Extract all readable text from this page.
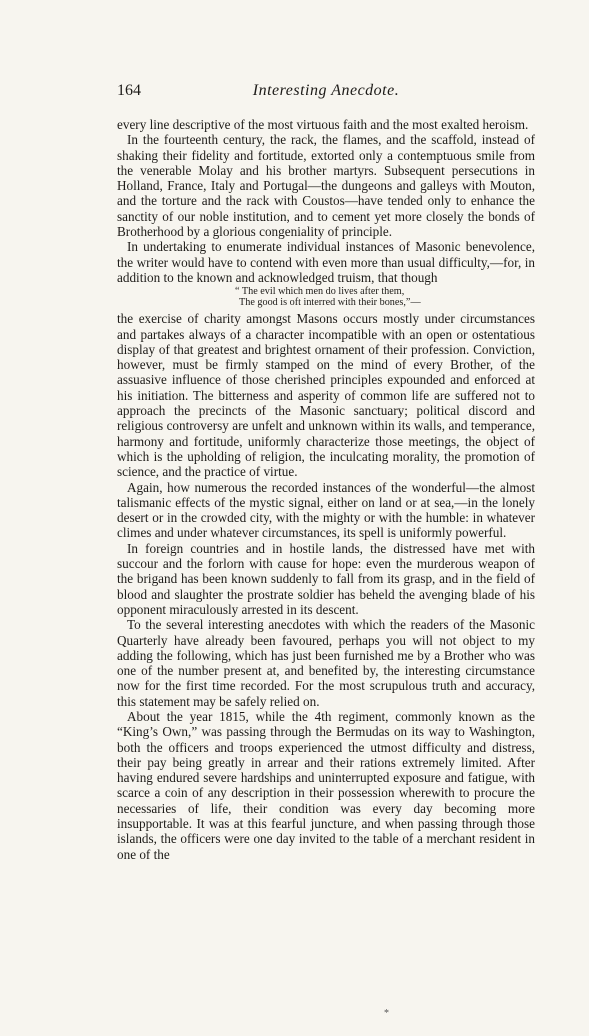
164	Interesting Anecdote.

every line descriptive of the most virtuous faith and the most exalted heroism.

In the fourteenth century, the rack, the flames, and the scaffold, instead of shaking their fidelity and fortitude, extorted only a contemptuous smile from the venerable Molay and his brother martyrs. Subsequent persecutions in Holland, France, Italy and Portugal—the dungeons and galleys with Mouton, and the torture and the rack with Coustos—have tended only to enhance the sanctity of our noble institution, and to cement yet more closely the bonds of Brotherhood by a glorious congeniality of principle.

In undertaking to enumerate individual instances of Masonic benevolence, the writer would have to contend with even more than usual difficulty,—for, in addition to the known and acknowledged truism, that though

“ The evil which men do lives after them,
The good is oft interred with their bones,”—

the exercise of charity amongst Masons occurs mostly under circumstances and partakes always of a character incompatible with an open or ostentatious display of that greatest and brightest ornament of their profession. Conviction, however, must be firmly stamped on the mind of every Brother, of the assuasive influence of those cherished principles expounded and enforced at his initiation. The bitterness and asperity of common life are suffered not to approach the precincts of the Masonic sanctuary; political discord and religious controversy are unfelt and unknown within its walls, and temperance, harmony and fortitude, uniformly characterize those meetings, the object of which is the upholding of religion, the inculcating morality, the promotion of science, and the practice of virtue.

Again, how numerous the recorded instances of the wonderful—the almost talismanic effects of the mystic signal, either on land or at sea,—in the lonely desert or in the crowded city, with the mighty or with the humble: in whatever climes and under whatever circumstances, its spell is uniformly powerful.

In foreign countries and in hostile lands, the distressed have met with succour and the forlorn with cause for hope: even the murderous weapon of the brigand has been known suddenly to fall from its grasp, and in the field of blood and slaughter the prostrate soldier has beheld the avenging blade of his opponent miraculously arrested in its descent.

To the several interesting anecdotes with which the readers of the Masonic Quarterly have already been favoured, perhaps you will not object to my adding the following, which has just been furnished me by a Brother who was one of the number present at, and benefited by, the interesting circumstance now for the first time recorded. For the most scrupulous truth and accuracy, this statement may be safely relied on.

About the year 1815, while the 4th regiment, commonly known as the “King’s Own,” was passing through the Bermudas on its way to Washington, both the officers and troops experienced the utmost difficulty and distress, their pay being greatly in arrear and their rations extremely limited. After having endured severe hardships and uninterrupted exposure and fatigue, with scarce a coin of any description in their possession wherewith to procure the necessaries of life, their condition was every day becoming more insupportable. It was at this fearful juncture, and when passing through those islands, the officers were one day invited to the table of a merchant resident in one of the

*
